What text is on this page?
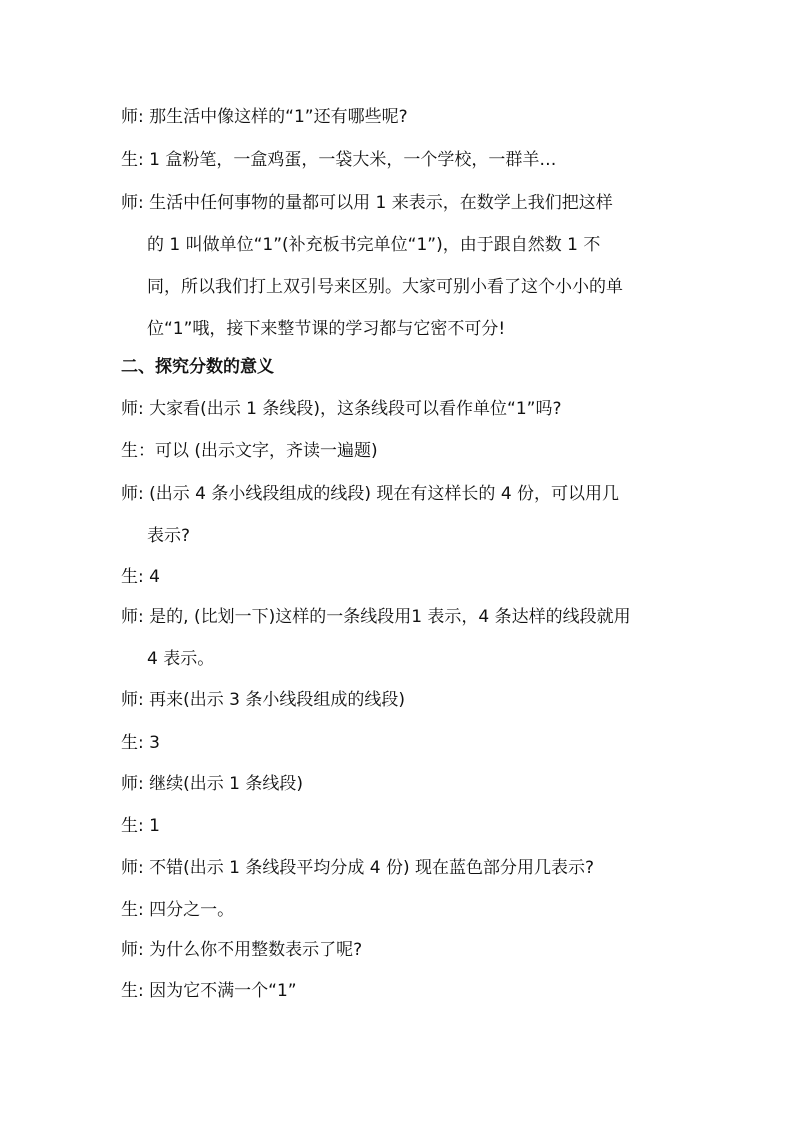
师: 那生活中像这样的“1”还有哪些呢?
生: 1 盒粉笔，一盒鸡蛋，一袋大米，一个学校，一群羊…
师: 生活中任何事物的量都可以用 1 来表示，在数学上我们把这样
的 1 叫做单位“1”(补充板书完单位“1”)，由于跟自然数 1 不
同，所以我们打上双引号来区别。大家可别小看了这个小小的单
位“1”哦，接下来整节课的学习都与它密不可分!
二、探究分数的意义
师: 大家看(出示 1 条线段)，这条线段可以看作单位“1”吗?
生：可以 (出示文字，齐读一遍题)
师: (出示 4 条小线段组成的线段) 现在有这样长的 4 份，可以用几
表示?
生: 4
师: 是的, (比划一下)这样的一条线段用1 表示，4 条达样的线段就用
4 表示。
师: 再来(出示 3 条小线段组成的线段)
生: 3
师: 继续(出示 1 条线段)
生: 1
师: 不错(出示 1 条线段平均分成 4 份) 现在蓝色部分用几表示?
生: 四分之一。
师: 为什么你不用整数表示了呢?
生: 因为它不满一个“1”
